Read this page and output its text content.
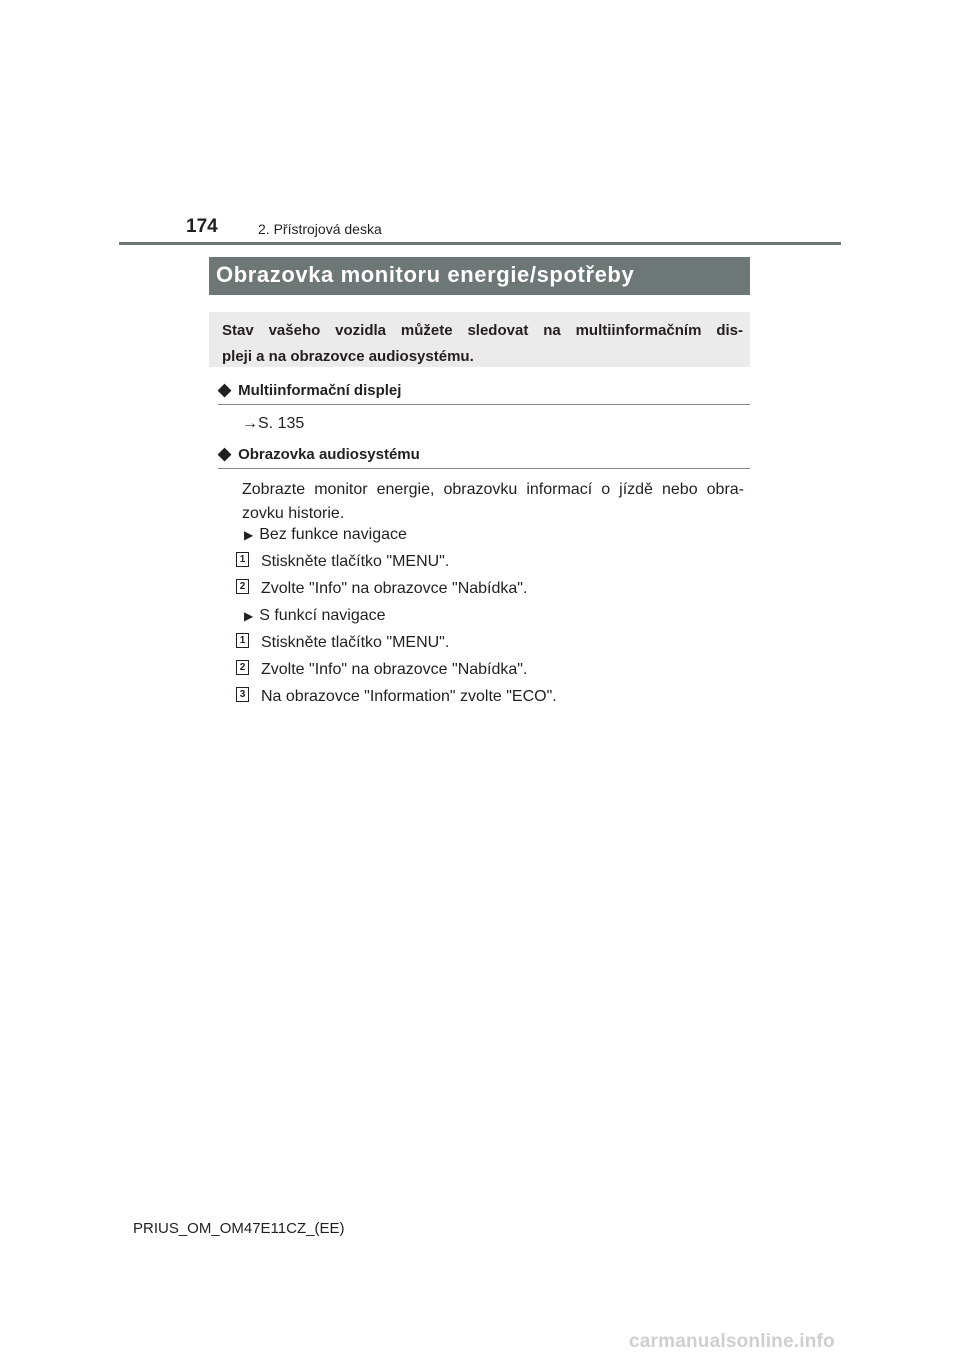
174	2. Přístrojová deska
Obrazovka monitoru energie/spotřeby
Stav vašeho vozidla můžete sledovat na multiinformačním dis-
pleji a na obrazovce audiosystému.
◆ Multiinformační displej
→S. 135
◆ Obrazovka audiosystému
Zobrazte monitor energie, obrazovku informací o jízdě nebo obra-
zovku historie.
▶ Bez funkce navigace
1 Stiskněte tlačítko "MENU".
2 Zvolte "Info" na obrazovce "Nabídka".
▶ S funkcí navigace
1 Stiskněte tlačítko "MENU".
2 Zvolte "Info" na obrazovce "Nabídka".
3 Na obrazovce "Information" zvolte "ECO".
PRIUS_OM_OM47E11CZ_(EE)
carmanualsonline.info
